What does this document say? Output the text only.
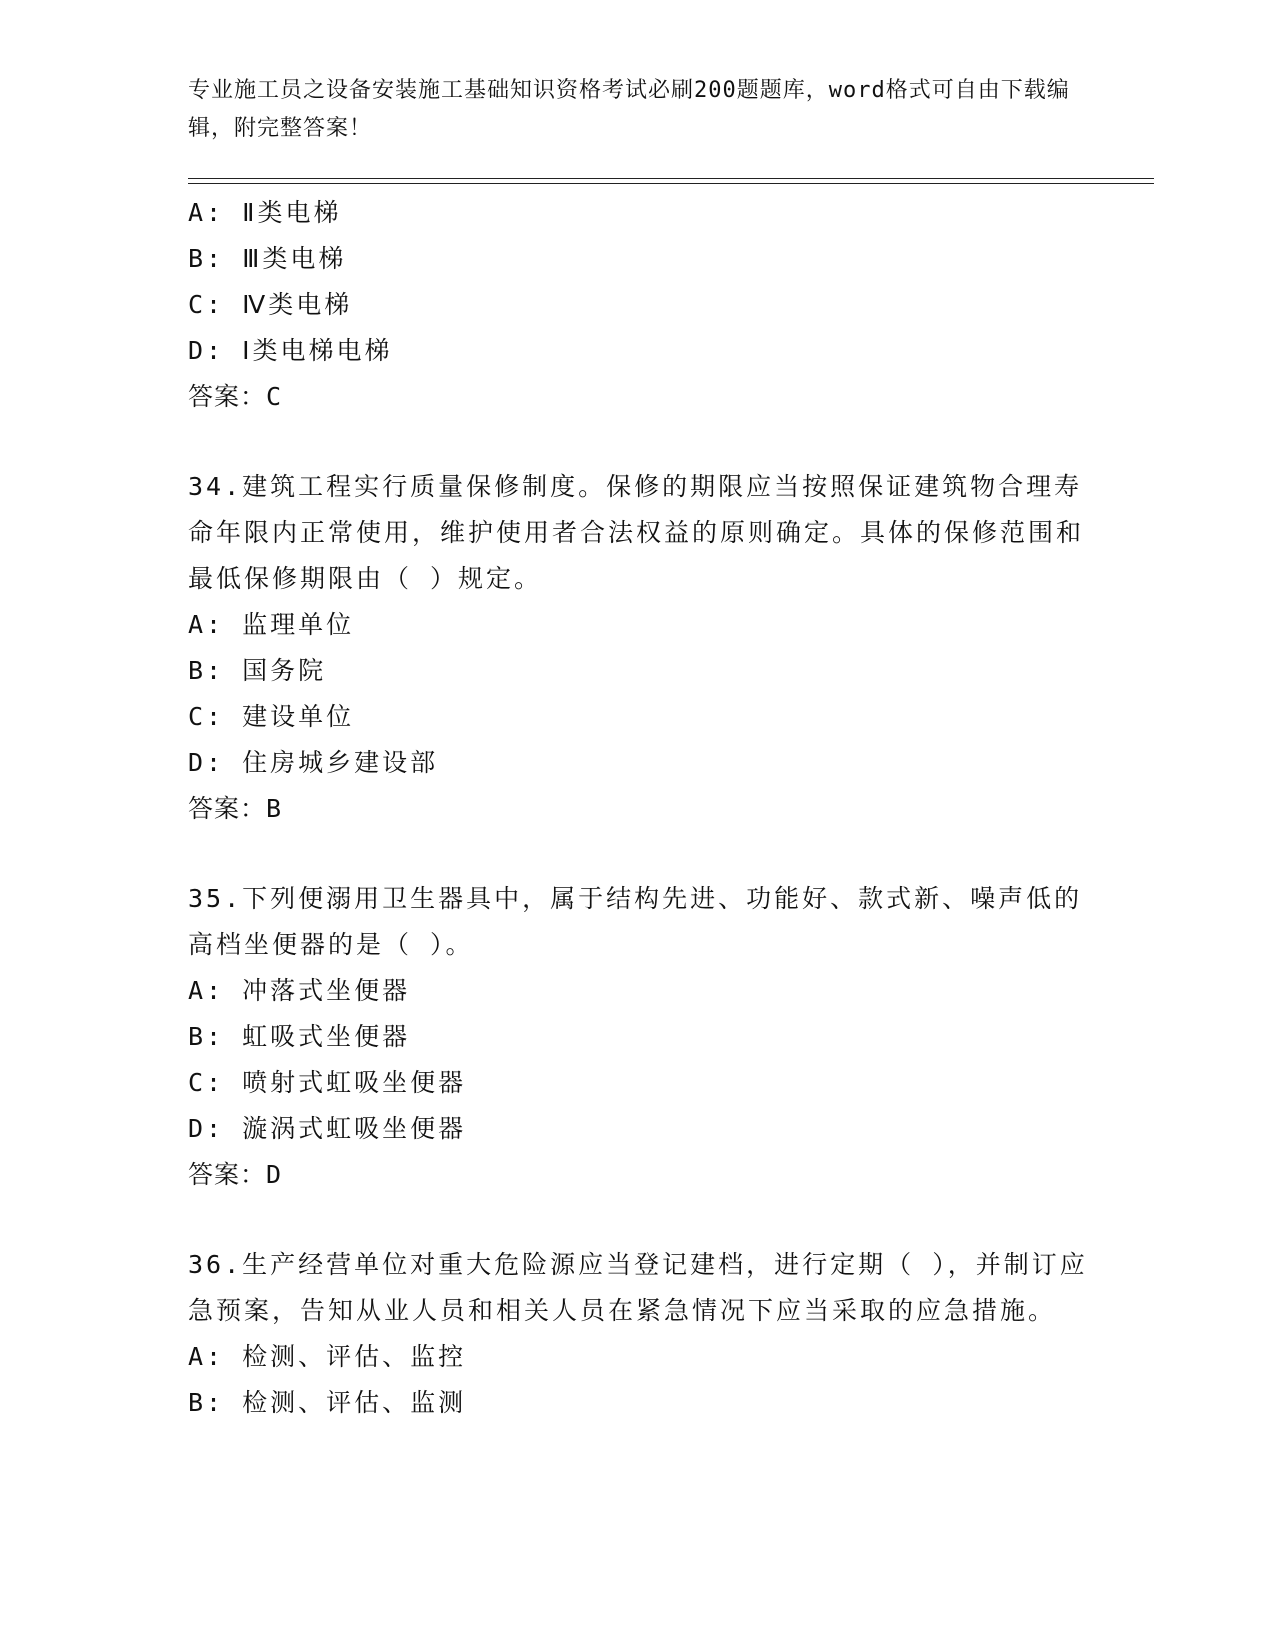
专业施工员之设备安装施工基础知识资格考试必刷200题题库，word格式可自由下载编辑，附完整答案！
A: Ⅱ类电梯
B: Ⅲ类电梯
C: Ⅳ类电梯
D: Ⅰ类电梯电梯
答案：C
34.建筑工程实行质量保修制度。保修的期限应当按照保证建筑物合理寿命年限内正常使用，维护使用者合法权益的原则确定。具体的保修范围和最低保修期限由（ ）规定。
A: 监理单位
B: 国务院
C: 建设单位
D: 住房城乡建设部
答案：B
35.下列便溺用卫生器具中，属于结构先进、功能好、款式新、噪声低的高档坐便器的是（ ）。
A: 冲落式坐便器
B: 虹吸式坐便器
C: 喷射式虹吸坐便器
D: 漩涡式虹吸坐便器
答案：D
36.生产经营单位对重大危险源应当登记建档，进行定期（ ），并制订应急预案，告知从业人员和相关人员在紧急情况下应当采取的应急措施。
A: 检测、评估、监控
B: 检测、评估、监测
